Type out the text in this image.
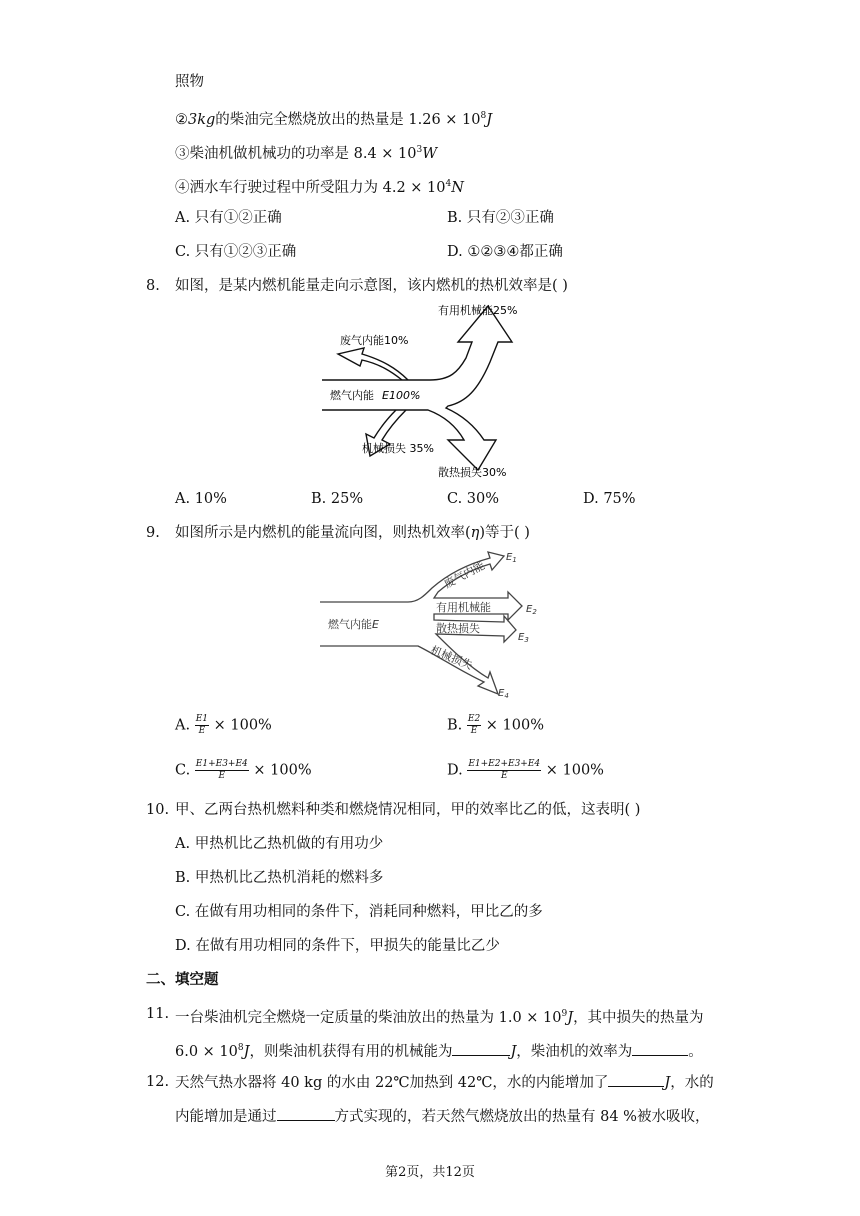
照物
②3kg的柴油完全燃烧放出的热量是 $1.26 \times 10^8J$
③柴油机做机械功的功率是 $8.4 \times 10^3W$
④洒水车行驶过程中所受阻力为 $4.2 \times 10^4N$
A. 只有①②正确	B. 只有②③正确
C. 只有①②③正确	D. ①②③④都正确
8. 如图，是某内燃机能量走向示意图，该内燃机的热机效率是( )
有用机械能25%
废气内能10%
燃气内能 E100%
机械损失 35%
散热损失30%
A. 10%	B. 25%	C. 30%	D. 75%
9. 如图所示是内燃机的能量流向图，则热机效率(η)等于( )
废气内能
有用机械能
散热损失
机械损失
燃气内能E
$E_1$
$E_2$
$E_3$
$E_4$
A. $\frac{E1}{E} \times 100\%$	B. $\frac{E2}{E} \times 100\%$
C. $\frac{E1+E3+E4}{E} \times 100\%$	D. $\frac{E1+E2+E3+E4}{E} \times 100\%$
10. 甲、乙两台热机燃料种类和燃烧情况相同，甲的效率比乙的低，这表明( )
A. 甲热机比乙热机做的有用功少
B. 甲热机比乙热机消耗的燃料多
C. 在做有用功相同的条件下，消耗同种燃料，甲比乙的多
D. 在做有用功相同的条件下，甲损失的能量比乙少
二、填空题
11. 一台柴油机完全燃烧一定质量的柴油放出的热量为 $1.0 \times 10^9J$，其中损失的热量为
$6.0 \times 10^8J$，则柴油机获得有用的机械能为	J，柴油机的效率为	。
12. 天然气热水器将 40 kg 的水由 22℃加热到 42℃，水的内能增加了	J，水的
内能增加是通过	方式实现的，若天然气燃烧放出的热量有 84 %被水吸收，
第2页，共12页
